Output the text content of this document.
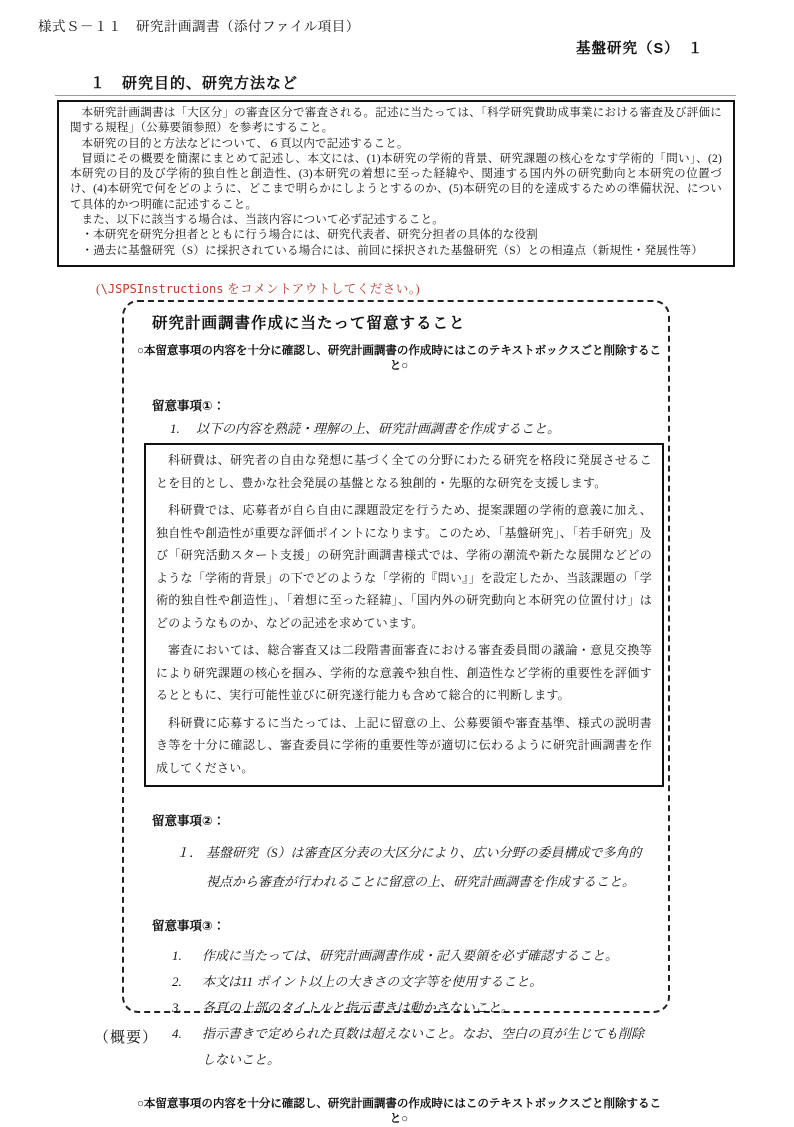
様式Ｓ－１１　研究計画調書（添付ファイル項目）
基盤研究（S）　１
１　研究目的、研究方法など

本研究計画調書は「大区分」の審査区分で審査される。記述に当たっては、「科学研究費助成事業における審査及び評価に関する規程」（公募要領参照）を参考にすること。

本研究の目的と方法などについて、６頁以内で記述すること。

冒頭にその概要を簡潔にまとめて記述し、本文には、(1)本研究の学術的背景、研究課題の核心をなす学術的「問い」、(2)本研究の目的及び学術的独自性と創造性、(3)本研究の着想に至った経緯や、関連する国内外の研究動向と本研究の位置づけ、(4)本研究で何をどのように、どこまで明らかにしようとするのか、(5)本研究の目的を達成するための準備状況、について具体的かつ明確に記述すること。

また、以下に該当する場合は、当該内容について必ず記述すること。

・本研究を研究分担者とともに行う場合には、研究代表者、研究分担者の具体的な役割

・過去に基盤研究（S）に採択されている場合には、前回に採択された基盤研究（S）との相違点（新規性・発展性等）

(\JSPSInstructions をコメントアウトしてください。)
研究計画調書作成に当たって留意すること
○本留意事項の内容を十分に確認し、研究計画調書の作成時にはこのテキストボックスごと削除すること○
留意事項①：
1.	以下の内容を熟読・理解の上、研究計画調書を作成すること。

科研費は、研究者の自由な発想に基づく全ての分野にわたる研究を格段に発展させることを目的とし、豊かな社会発展の基盤となる独創的・先駆的な研究を支援します。

科研費では、応募者が自ら自由に課題設定を行うため、提案課題の学術的意義に加え、独自性や創造性が重要な評価ポイントになります。このため、「基盤研究」、「若手研究」及び「研究活動スタート支援」の研究計画調書様式では、学術の潮流や新たな展開などどのような「学術的背景」の下でどのような「学術的『問い』」を設定したか、当該課題の「学術的独自性や創造性」、「着想に至った経緯」、「国内外の研究動向と本研究の位置付け」はどのようなものか、などの記述を求めています。

審査においては、総合審査又は二段階書面審査における審査委員間の議論・意見交換等により研究課題の核心を掴み、学術的な意義や独自性、創造性など学術的重要性を評価するとともに、実行可能性並びに研究遂行能力も含めて総合的に判断します。

科研費に応募するに当たっては、上記に留意の上、公募要領や審査基準、様式の説明書き等を十分に確認し、審査委員に学術的重要性等が適切に伝わるように研究計画調書を作成してください。

留意事項②：
１． 基盤研究（S）は審査区分表の大区分により、広い分野の委員構成で多角的視点から審査が行われることに留意の上、研究計画調書を作成すること。
留意事項③：
1.	作成に当たっては、研究計画調書作成・記入要領を必ず確認すること。
2.	本文は11 ポイント以上の大きさの文字等を使用すること。
3.	各頁の上部のタイトルと指示書きは動かさないこと。
4.	指示書きで定められた頁数は超えないこと。なお、空白の頁が生じても削除しないこと。
○本留意事項の内容を十分に確認し、研究計画調書の作成時にはこのテキストボックスごと削除すること○
（概要）
